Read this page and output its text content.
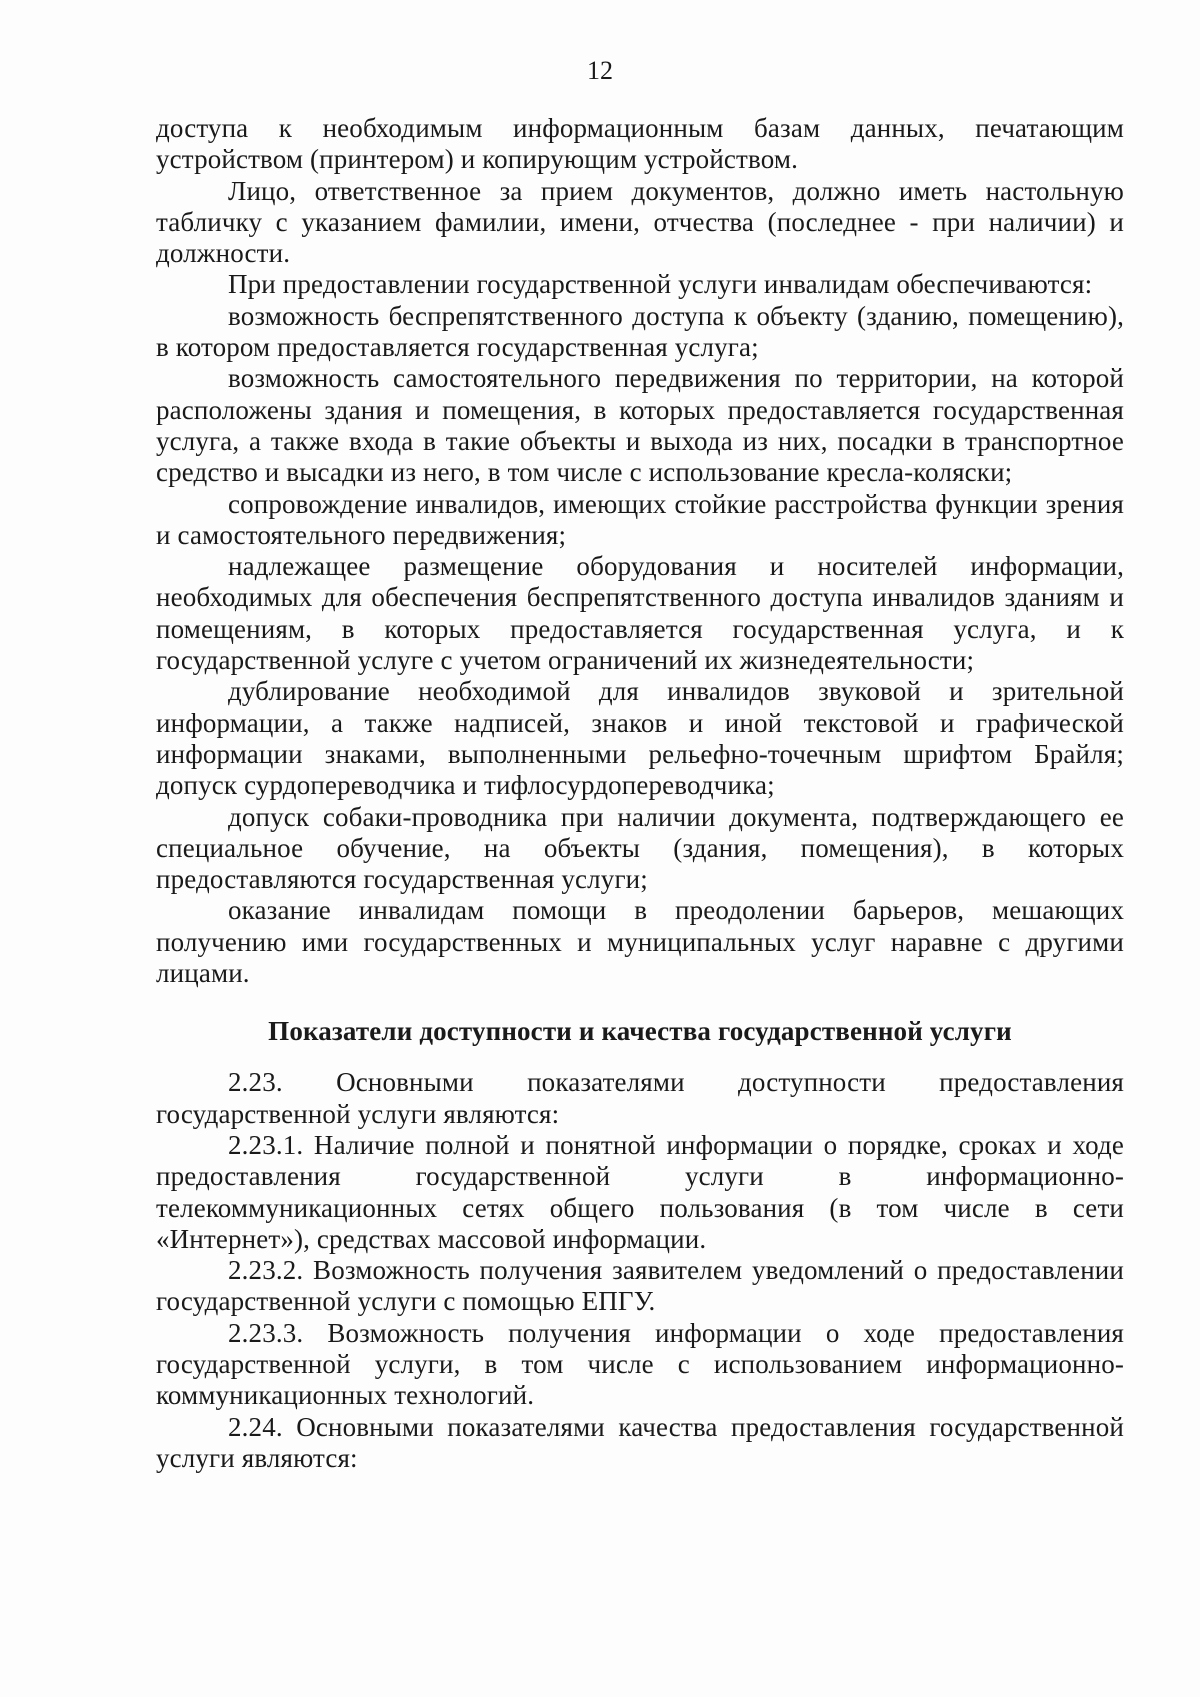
12

доступа к необходимым информационным базам данных, печатающим устройством (принтером) и копирующим устройством.

Лицо, ответственное за прием документов, должно иметь настольную табличку с указанием фамилии, имени, отчества (последнее - при наличии) и должности.

При предоставлении государственной услуги инвалидам обеспечиваются:

возможность беспрепятственного доступа к объекту (зданию, помещению), в котором предоставляется государственная услуга;

возможность самостоятельного передвижения по территории, на которой расположены здания и помещения, в которых предоставляется государственная услуга, а также входа в такие объекты и выхода из них, посадки в транспортное средство и высадки из него, в том числе с использование кресла-коляски;

сопровождение инвалидов, имеющих стойкие расстройства функции зрения и самостоятельного передвижения;

надлежащее размещение оборудования и носителей информации, необходимых для обеспечения беспрепятственного доступа инвалидов зданиям и помещениям, в которых предоставляется государственная услуга, и к государственной услуге с учетом ограничений их жизнедеятельности;

дублирование необходимой для инвалидов звуковой и зрительной информации, а также надписей, знаков и иной текстовой и графической информации знаками, выполненными рельефно-точечным шрифтом Брайля; допуск сурдопереводчика и тифлосурдопереводчика;

допуск собаки-проводника при наличии документа, подтверждающего ее специальное обучение, на объекты (здания, помещения), в которых предоставляются государственная услуги;

оказание инвалидам помощи в преодолении барьеров, мешающих получению ими государственных и муниципальных услуг наравне с другими лицами.

Показатели доступности и качества государственной услуги

2.23. Основными показателями доступности предоставления государственной услуги являются:

2.23.1. Наличие полной и понятной информации о порядке, сроках и ходе предоставления государственной услуги в информационно-телекоммуникационных сетях общего пользования (в том числе в сети «Интернет»), средствах массовой информации.

2.23.2. Возможность получения заявителем уведомлений о предоставлении государственной услуги с помощью ЕПГУ.

2.23.3. Возможность получения информации о ходе предоставления государственной услуги, в том числе с использованием информационно-коммуникационных технологий.

2.24. Основными показателями качества предоставления государственной услуги являются:
